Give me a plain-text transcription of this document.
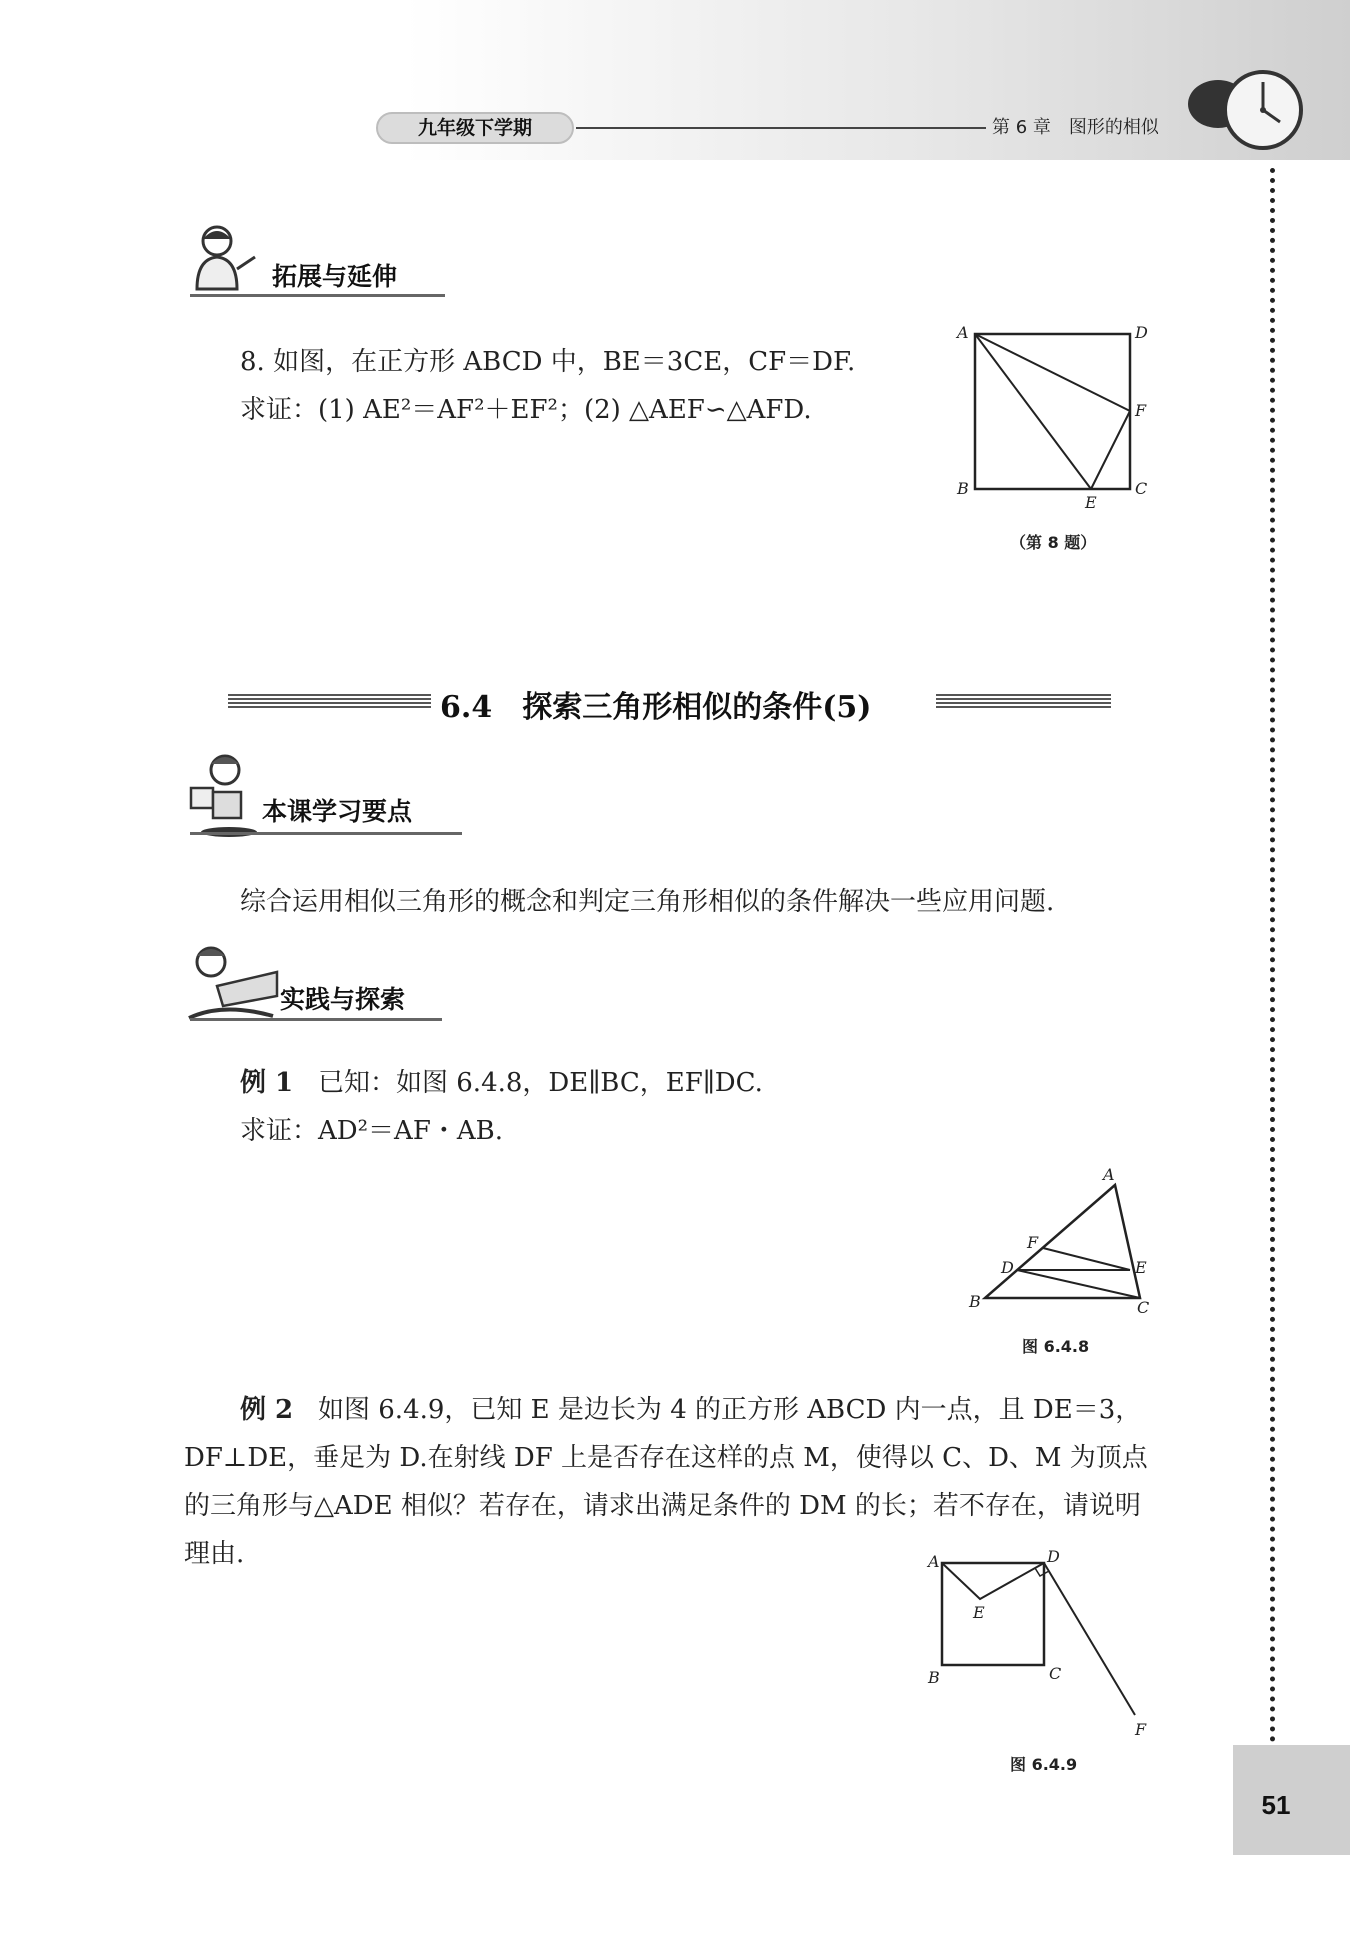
九年级下学期	第 6 章　图形的相似
拓展与延伸
8. 如图，在正方形 ABCD 中，BE＝3CE，CF＝DF.
求证：(1) AE²＝AF²＋EF²；(2) △AEF∽△AFD.
A	D
F
B	C
E
（第 8 题）
6.4　探索三角形相似的条件(5)
本课学习要点
综合运用相似三角形的概念和判定三角形相似的条件解决一些应用问题.
实践与探索
例 1 已知：如图 6.4.8，DE∥BC，EF∥DC.
求证：AD²＝AF・AB.
A
F
D	E
B	C
图 6.4.8
例 2 如图 6.4.9，已知 E 是边长为 4 的正方形 ABCD 内一点，且 DE＝3，
DF⊥DE，垂足为 D.在射线 DF 上是否存在这样的点 M，使得以 C、D、M 为顶点
的三角形与△ADE 相似？若存在，请求出满足条件的 DM 的长；若不存在，请说明
理由.	A	D
E
B	C
F
图 6.4.9
51
